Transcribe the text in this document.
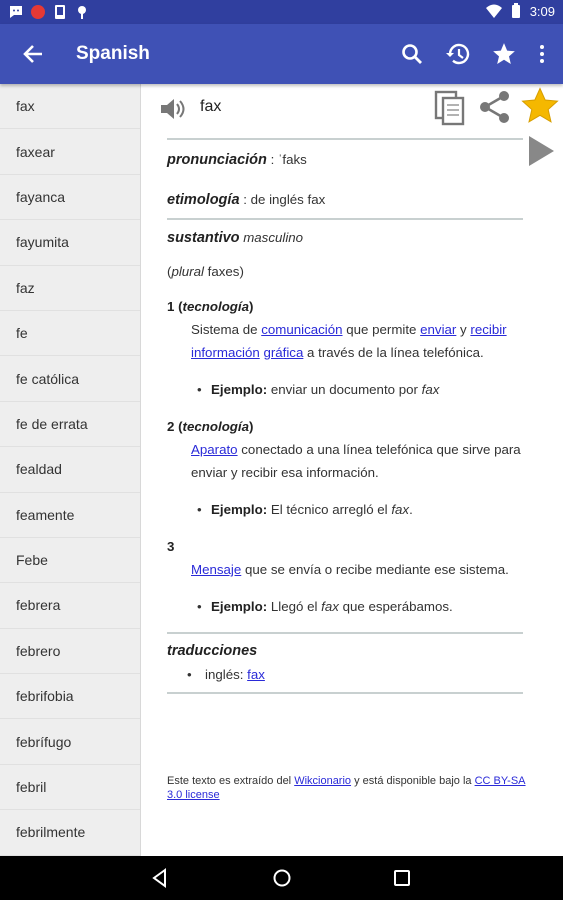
3:09
Spanish
fax
faxear
fayanca
fayumita
faz
fe
fe católica
fe de errata
fealdad
feamente
Febe
febrera
febrero
febrifobia
febrífugo
febril
febrilmente
fax
pronunciación : ˈfaks
etimología : de inglés fax
sustantivo masculino
(plural faxes)
1 (tecnología)
Sistema de comunicación que permite enviar y recibir información gráfica a través de la línea telefónica.
• Ejemplo: enviar un documento por fax
2 (tecnología)
Aparato conectado a una línea telefónica que sirve para enviar y recibir esa información.
• Ejemplo: El técnico arregló el fax.
3
Mensaje que se envía o recibe mediante ese sistema.
• Ejemplo: Llegó el fax que esperábamos.
traducciones
• inglés: fax
Este texto es extraído del Wikcionario y está disponible bajo la CC BY-SA 3.0 license
